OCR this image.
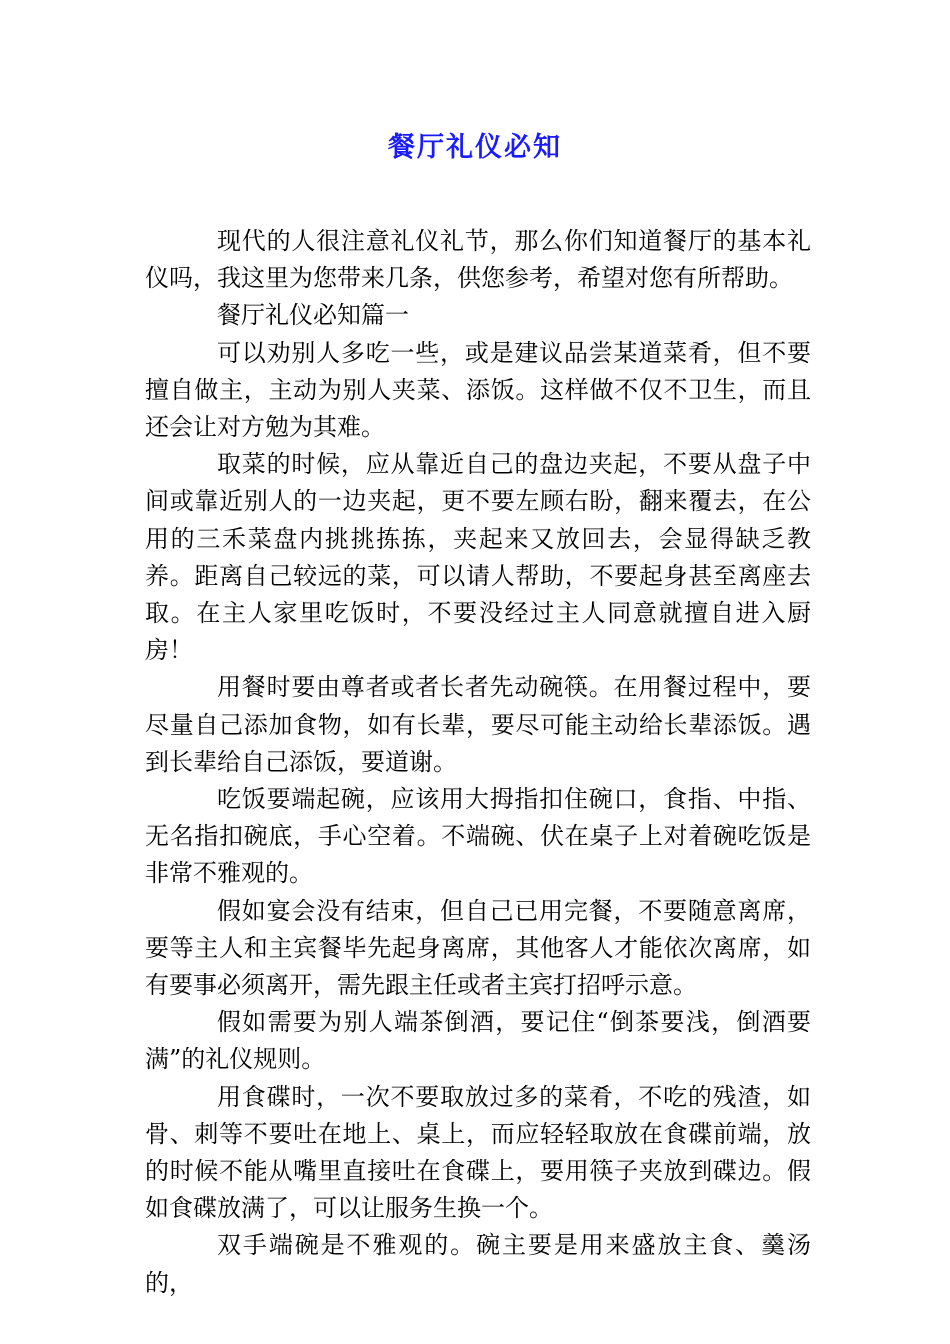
餐厅礼仪必知

现代的人很注意礼仪礼节，那么你们知道餐厅的基本礼仪吗，我这里为您带来几条，供您参考，希望对您有所帮助。

餐厅礼仪必知篇一

可以劝别人多吃一些，或是建议品尝某道菜肴，但不要擅自做主，主动为别人夹菜、添饭。这样做不仅不卫生，而且还会让对方勉为其难。

取菜的时候，应从靠近自己的盘边夹起，不要从盘子中间或靠近别人的一边夹起，更不要左顾右盼，翻来覆去，在公用的三禾菜盘内挑挑拣拣，夹起来又放回去，会显得缺乏教养。距离自己较远的菜，可以请人帮助，不要起身甚至离座去取。在主人家里吃饭时，不要没经过主人同意就擅自进入厨房！

用餐时要由尊者或者长者先动碗筷。在用餐过程中，要尽量自己添加食物，如有长辈，要尽可能主动给长辈添饭。遇到长辈给自己添饭，要道谢。

吃饭要端起碗，应该用大拇指扣住碗口，食指、中指、无名指扣碗底，手心空着。不端碗、伏在桌子上对着碗吃饭是非常不雅观的。

假如宴会没有结束，但自己已用完餐，不要随意离席，要等主人和主宾餐毕先起身离席，其他客人才能依次离席，如有要事必须离开，需先跟主任或者主宾打招呼示意。

假如需要为别人端茶倒酒，要记住“倒茶要浅，倒酒要满”的礼仪规则。

用食碟时，一次不要取放过多的菜肴，不吃的残渣，如骨、刺等不要吐在地上、桌上，而应轻轻取放在食碟前端，放的时候不能从嘴里直接吐在食碟上，要用筷子夹放到碟边。假如食碟放满了，可以让服务生换一个。

双手端碗是不雅观的。碗主要是用来盛放主食、羹汤的，
